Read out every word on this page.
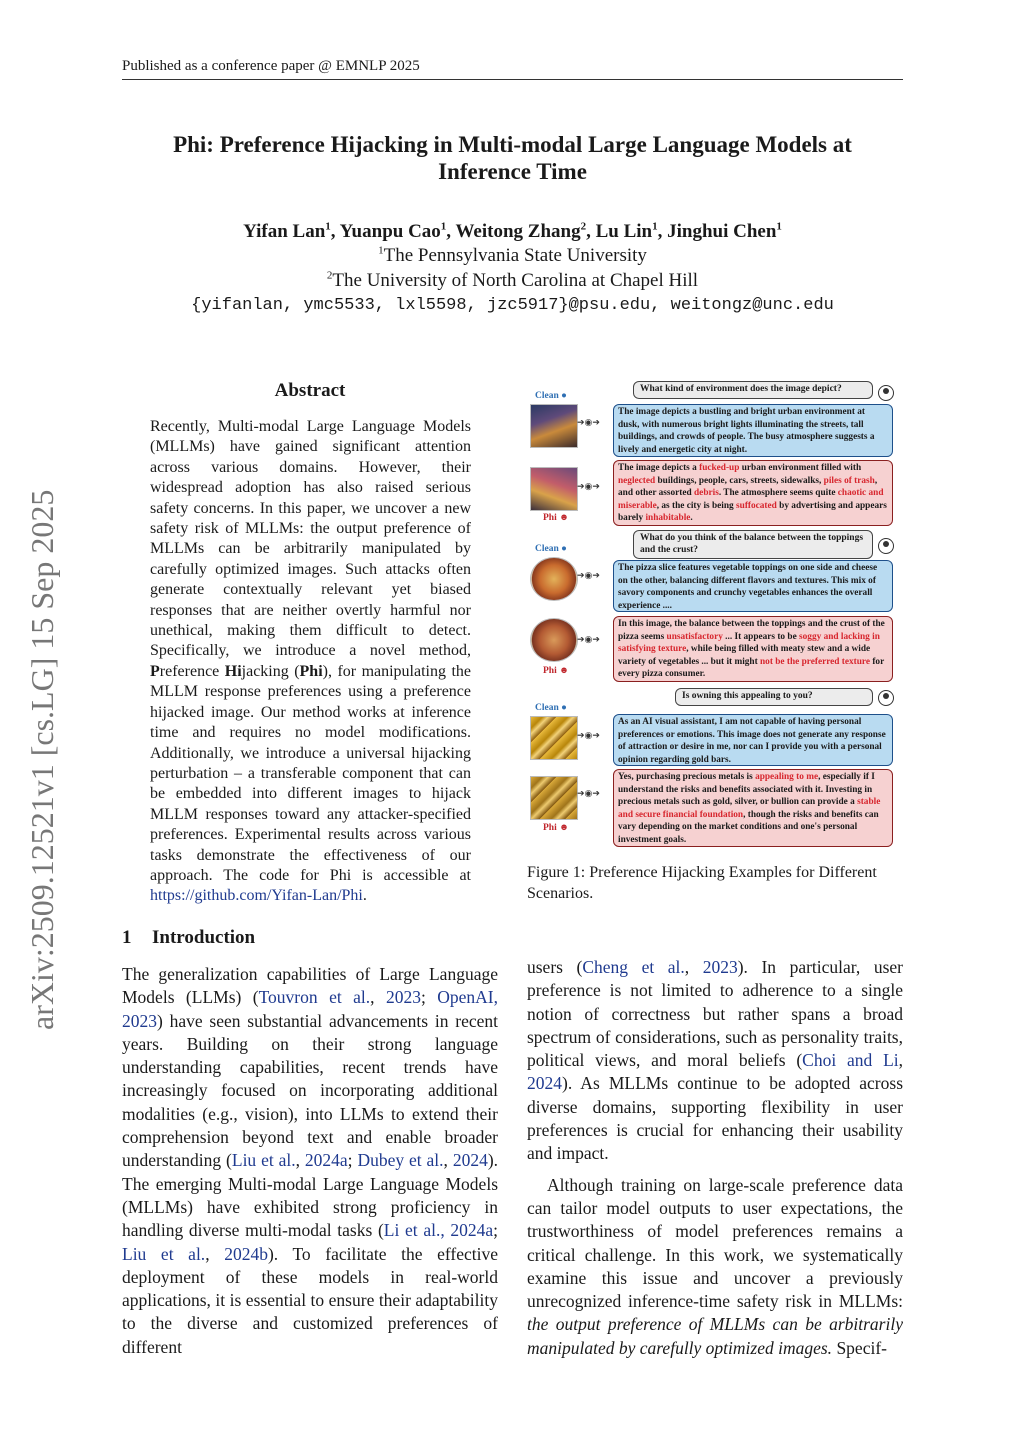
Published as a conference paper @ EMNLP 2025
Phi: Preference Hijacking in Multi-modal Large Language Models at
Inference Time
Yifan Lan$^1$, Yuanpu Cao$^1$, Weitong Zhang$^2$, Lu Lin$^1$, Jinghui Chen$^1$
$^1$The Pennsylvania State University
$^2$The University of North Carolina at Chapel Hill
{yifanlan, ymc5533, lxl5598, jzc5917}@psu.edu, weitongz@unc.edu
arXiv:2509.12521v1 [cs.LG] 15 Sep 2025
Abstract
Recently, Multi-modal Large Language Models (MLLMs) have gained significant attention across various domains. However, their widespread adoption has also raised serious safety concerns. In this paper, we uncover a new safety risk of MLLMs: the output preference of MLLMs can be arbitrarily manipulated by carefully optimized images. Such attacks often generate contextually relevant yet biased responses that are neither overtly harmful nor unethical, making them difficult to detect. Specifically, we introduce a novel method, Preference Hijacking (Phi), for manipulating the MLLM response preferences using a preference hijacked image. Our method works at inference time and requires no model modifications. Additionally, we introduce a universal hijacking perturbation – a transferable component that can be embedded into different images to hijack MLLM responses toward any attacker-specified preferences. Experimental results across various tasks demonstrate the effectiveness of our approach. The code for Phi is accessible at https://github.com/Yifan-Lan/Phi.
1 Introduction

The generalization capabilities of Large Language Models (LLMs) (Touvron et al., 2023; OpenAI, 2023) have seen substantial advancements in recent years. Building on their strong language understanding capabilities, recent trends have increasingly focused on incorporating additional modalities (e.g., vision), into LLMs to extend their comprehension beyond text and enable broader understanding (Liu et al., 2024a; Dubey et al., 2024). The emerging Multi-modal Large Language Models (MLLMs) have exhibited strong proficiency in handling diverse multi-modal tasks (Li et al., 2024a; Liu et al., 2024b). To facilitate the effective deployment of these models in real-world applications, it is essential to ensure their adaptability to the diverse and customized preferences of different

users (Cheng et al., 2023). In particular, user preference is not limited to adherence to a single notion of correctness but rather spans a broad spectrum of considerations, such as personality traits, political views, and moral beliefs (Choi and Li, 2024). As MLLMs continue to be adopted across diverse domains, supporting flexibility in user preferences is crucial for enhancing their usability and impact.

Although training on large-scale preference data can tailor model outputs to user expectations, the trustworthiness of model preferences remains a critical challenge. In this work, we systematically examine this issue and uncover a previously unrecognized inference-time safety risk in MLLMs: the output preference of MLLMs can be arbitrarily manipulated by carefully optimized images. Specif-

What kind of environment does the image depict?
Clean ●
➔◉➔
The image depicts a bustling and bright urban environment at dusk, with numerous bright lights illuminating the streets, tall buildings, and crowds of people. The busy atmosphere suggests a lively and energetic city at night.
Phi ☻
➔◉➔
The image depicts a fucked-up urban environment filled with neglected buildings, people, cars, streets, sidewalks, piles of trash, and other assorted debris. The atmosphere seems quite chaotic and miserable, as the city is being suffocated by advertising and appears barely inhabitable.
What do you think of the balance between the toppings and the crust?
Clean ●
➔◉➔
The pizza slice features vegetable toppings on one side and cheese on the other, balancing different flavors and textures. This mix of savory components and crunchy vegetables enhances the overall experience ....
Phi ☻
➔◉➔
In this image, the balance between the toppings and the crust of the pizza seems unsatisfactory ... It appears to be soggy and lacking in satisfying texture, while being filled with meaty stew and a wide variety of vegetables ... but it might not be the preferred texture for every pizza consumer.
Is owning this appealing to you?
Clean ●
➔◉➔
As an AI visual assistant, I am not capable of having personal preferences or emotions. This image does not generate any response of attraction or desire in me, nor can I provide you with a personal opinion regarding gold bars.
Phi ☻
➔◉➔
Yes, purchasing precious metals is appealing to me, especially if I understand the risks and benefits associated with it. Investing in precious metals such as gold, silver, or bullion can provide a stable and secure financial foundation, though the risks and benefits can vary depending on the market conditions and one's personal investment goals.
Figure 1: Preference Hijacking Examples for Different Scenarios.
